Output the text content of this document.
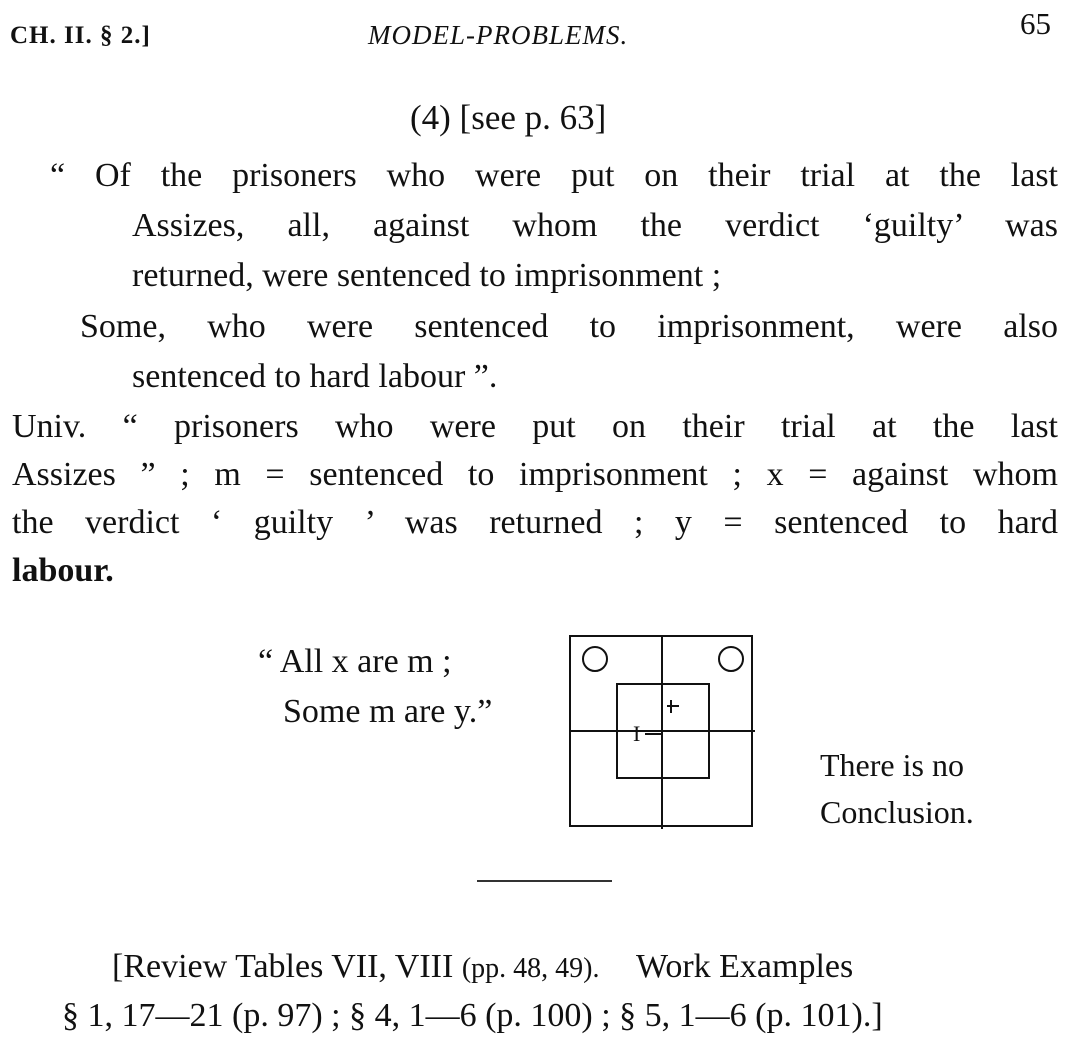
CH. II. § 2.]	MODEL-PROBLEMS.	65
(4) [see p. 63]
“ Of the prisoners who were put on their trial at the last
Assizes, all, against whom the verdict ‘guilty’ was
returned, were sentenced to imprisonment ;
Some, who were sentenced to imprisonment, were also
sentenced to hard labour ”.
Univ. “ prisoners who were put on their trial at the last
Assizes ” ; m = sentenced to imprisonment ; x = against whom
the verdict ‘ guilty ’ was returned ; y = sentenced to hard
labour.
“ All x are m ;
Some m are y.”
I
There is no
Conclusion.
[Review Tables VII, VIII (pp. 48, 49). Work Examples
§ 1, 17—21 (p. 97) ; § 4, 1—6 (p. 100) ; § 5, 1—6 (p. 101).]
